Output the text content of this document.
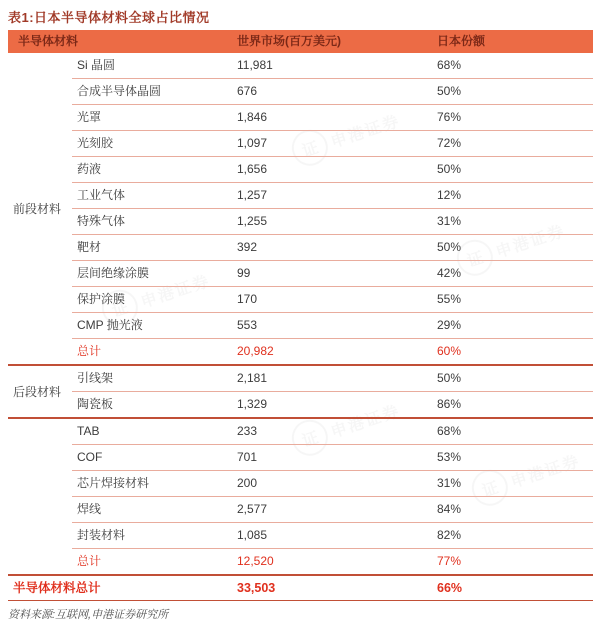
证 申港证券
证 申港证券
证 申港证券
证 申港证券
证 申港证券
表1:日本半导体材料全球占比情况
半导体材料	世界市场(百万美元)	日本份额
前段材料
Si 晶圆	11,981	68%
合成半导体晶圆	676	50%
光罩	1,846	76%
光刻胶	1,097	72%
药液	1,656	50%
工业气体	1,257	12%
特殊气体	1,255	31%
靶材	392	50%
层间绝缘涂膜	99	42%
保护涂膜	170	55%
CMP 抛光液	553	29%
总计	20,982	60%
后段材料
引线架	2,181	50%
陶瓷板	1,329	86%
TAB	233	68%
COF	701	53%
芯片焊接材料	200	31%
焊线	2,577	84%
封装材料	1,085	82%
总计	12,520	77%
半导体材料总计	33,503	66%
资料来源:互联网,申港证券研究所
